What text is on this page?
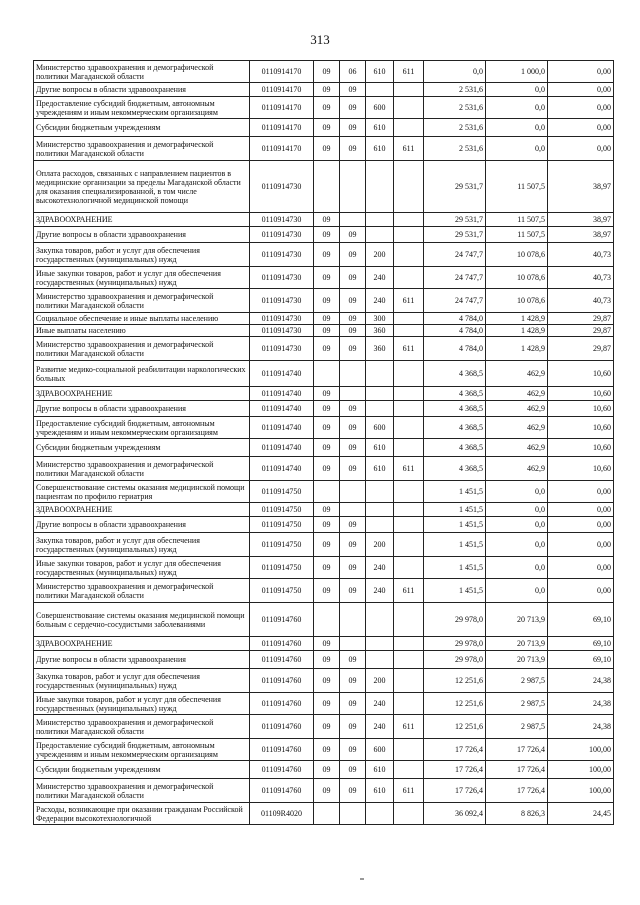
313
Министерство здравоохранения и демографической политики Магаданской области	0110914170	09	06	610	611	0,0	1 000,0	0,00
Другие вопросы в области здравоохранения	0110914170	09	09			2 531,6	0,0	0,00
Предоставление субсидий бюджетным, автономным учреждениям и иным некоммерческим организациям	0110914170	09	09	600		2 531,6	0,0	0,00
Субсидии бюджетным учреждениям	0110914170	09	09	610		2 531,6	0,0	0,00
Министерство здравоохранения и демографической политики Магаданской области	0110914170	09	09	610	611	2 531,6	0,0	0,00
Оплата расходов, связанных с направлением пациентов в медицинские организации за пределы Магаданской области для оказания специализированной, в том числе высокотехнологичной медицинской помощи	0110914730					29 531,7	11 507,5	38,97
ЗДРАВООХРАНЕНИЕ	0110914730	09				29 531,7	11 507,5	38,97
Другие вопросы в области здравоохранения	0110914730	09	09			29 531,7	11 507,5	38,97
Закупка товаров, работ и услуг для обеспечения государственных (муниципальных) нужд	0110914730	09	09	200		24 747,7	10 078,6	40,73
Иные закупки товаров, работ и услуг для обеспечения государственных (муниципальных) нужд	0110914730	09	09	240		24 747,7	10 078,6	40,73
Министерство здравоохранения и демографической политики Магаданской области	0110914730	09	09	240	611	24 747,7	10 078,6	40,73
Социальное обеспечение и иные выплаты населению	0110914730	09	09	300		4 784,0	1 428,9	29,87
Иные выплаты населению	0110914730	09	09	360		4 784,0	1 428,9	29,87
Министерство здравоохранения и демографической политики Магаданской области	0110914730	09	09	360	611	4 784,0	1 428,9	29,87
Развитие медико-социальной реабилитации наркологических больных	0110914740					4 368,5	462,9	10,60
ЗДРАВООХРАНЕНИЕ	0110914740	09				4 368,5	462,9	10,60
Другие вопросы в области здравоохранения	0110914740	09	09			4 368,5	462,9	10,60
Предоставление субсидий бюджетным, автономным учреждениям и иным некоммерческим организациям	0110914740	09	09	600		4 368,5	462,9	10,60
Субсидии бюджетным учреждениям	0110914740	09	09	610		4 368,5	462,9	10,60
Министерство здравоохранения и демографической политики Магаданской области	0110914740	09	09	610	611	4 368,5	462,9	10,60
Совершенствование системы оказания медицинской помощи пациентам по профилю гериатрия	0110914750					1 451,5	0,0	0,00
ЗДРАВООХРАНЕНИЕ	0110914750	09				1 451,5	0,0	0,00
Другие вопросы в области здравоохранения	0110914750	09	09			1 451,5	0,0	0,00
Закупка товаров, работ и услуг для обеспечения государственных (муниципальных) нужд	0110914750	09	09	200		1 451,5	0,0	0,00
Иные закупки товаров, работ и услуг для обеспечения государственных (муниципальных) нужд	0110914750	09	09	240		1 451,5	0,0	0,00
Министерство здравоохранения и демографической политики Магаданской области	0110914750	09	09	240	611	1 451,5	0,0	0,00
Совершенствование системы оказания медицинской помощи больным с сердечно-сосудистыми заболеваниями	0110914760					29 978,0	20 713,9	69,10
ЗДРАВООХРАНЕНИЕ	0110914760	09				29 978,0	20 713,9	69,10
Другие вопросы в области здравоохранения	0110914760	09	09			29 978,0	20 713,9	69,10
Закупка товаров, работ и услуг для обеспечения государственных (муниципальных) нужд	0110914760	09	09	200		12 251,6	2 987,5	24,38
Иные закупки товаров, работ и услуг для обеспечения государственных (муниципальных) нужд	0110914760	09	09	240		12 251,6	2 987,5	24,38
Министерство здравоохранения и демографической политики Магаданской области	0110914760	09	09	240	611	12 251,6	2 987,5	24,38
Предоставление субсидий бюджетным, автономным учреждениям и иным некоммерческим организациям	0110914760	09	09	600		17 726,4	17 726,4	100,00
Субсидии бюджетным учреждениям	0110914760	09	09	610		17 726,4	17 726,4	100,00
Министерство здравоохранения и демографической политики Магаданской области	0110914760	09	09	610	611	17 726,4	17 726,4	100,00
Расходы, возникающие при оказании гражданам Российской Федерации высокотехнологичной	01109R4020					36 092,4	8 826,3	24,45
